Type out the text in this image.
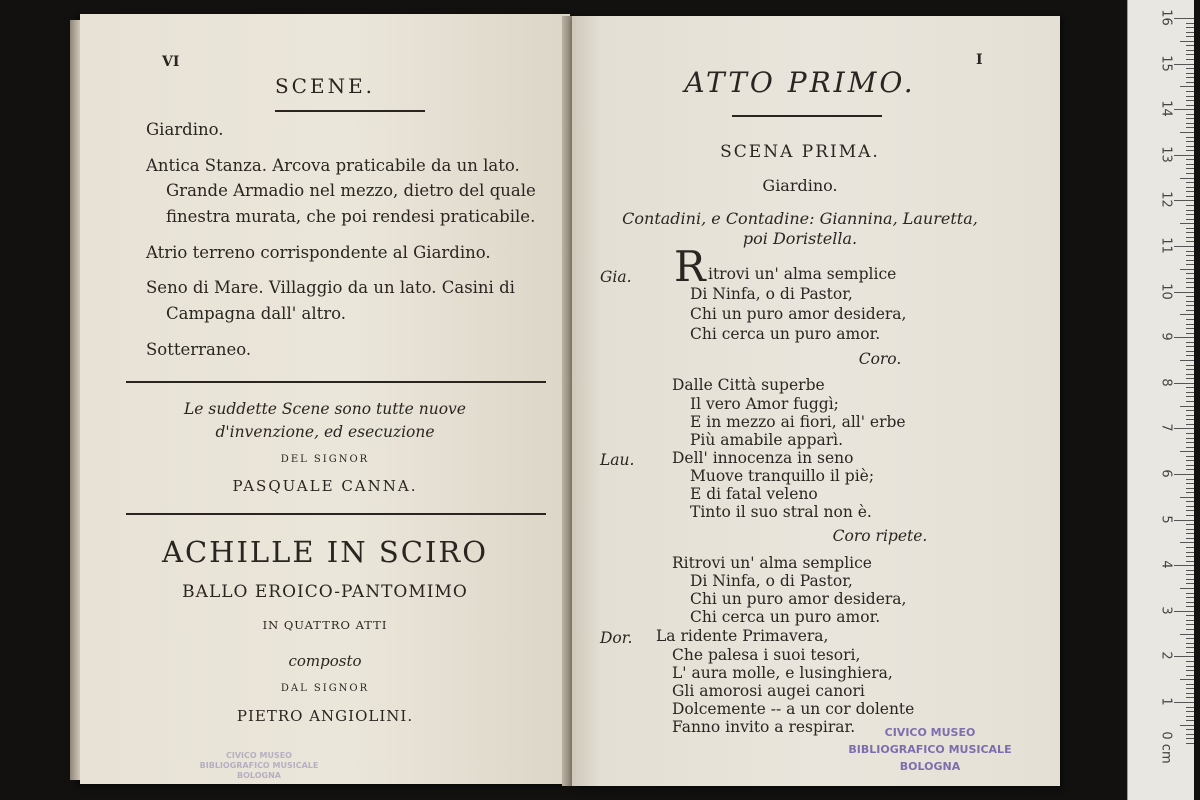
VI
SCENE.
Giardino.
Antica Stanza. Arcova praticabile da un lato.
Grande Armadio nel mezzo, dietro del quale
finestra murata, che poi rendesi praticabile.
Atrio terreno corrispondente al Giardino.
Seno di Mare. Villaggio da un lato. Casini di
Campagna dall' altro.
Sotterraneo.
Le suddette Scene sono tutte nuove
d'invenzione, ed esecuzione
DEL SIGNOR
PASQUALE CANNA.
ACHILLE IN SCIRO
BALLO EROICO-PANTOMIMO
IN QUATTRO ATTI
composto
DAL SIGNOR
PIETRO ANGIOLINI.
CIVICO MUSEO
BIBLIOGRAFICO MUSICALE
BOLOGNA
I
ATTO PRIMO.
SCENA PRIMA.
Giardino.
Contadini, e Contadine: Giannina, Lauretta,
poi Doristella.
Gia. R itrovi un' alma semplice
Di Ninfa, o di Pastor,
Chi un puro amor desidera,
Chi cerca un puro amor.
Coro.
Dalle Città superbe
Il vero Amor fuggì;
E in mezzo ai fiori, all' erbe
Più amabile apparì.
Lau. Dell' innocenza in seno
Muove tranquillo il piè;
E di fatal veleno
Tinto il suo stral non è.
Coro ripete.
Ritrovi un' alma semplice
Di Ninfa, o di Pastor,
Chi un puro amor desidera,
Chi cerca un puro amor.
Dor. La ridente Primavera,
Che palesa i suoi tesori,
L' aura molle, e lusinghiera,
Gli amorosi augei canori
Dolcemente -- a un cor dolente
Fanno invito a respirar.	CIVICO MUSEO
BIBLIOGRAFICO MUSICALE
BOLOGNA
16
15
14
13
12
11
10
9
8
7
6
5
4
3
2
1
0 cm
